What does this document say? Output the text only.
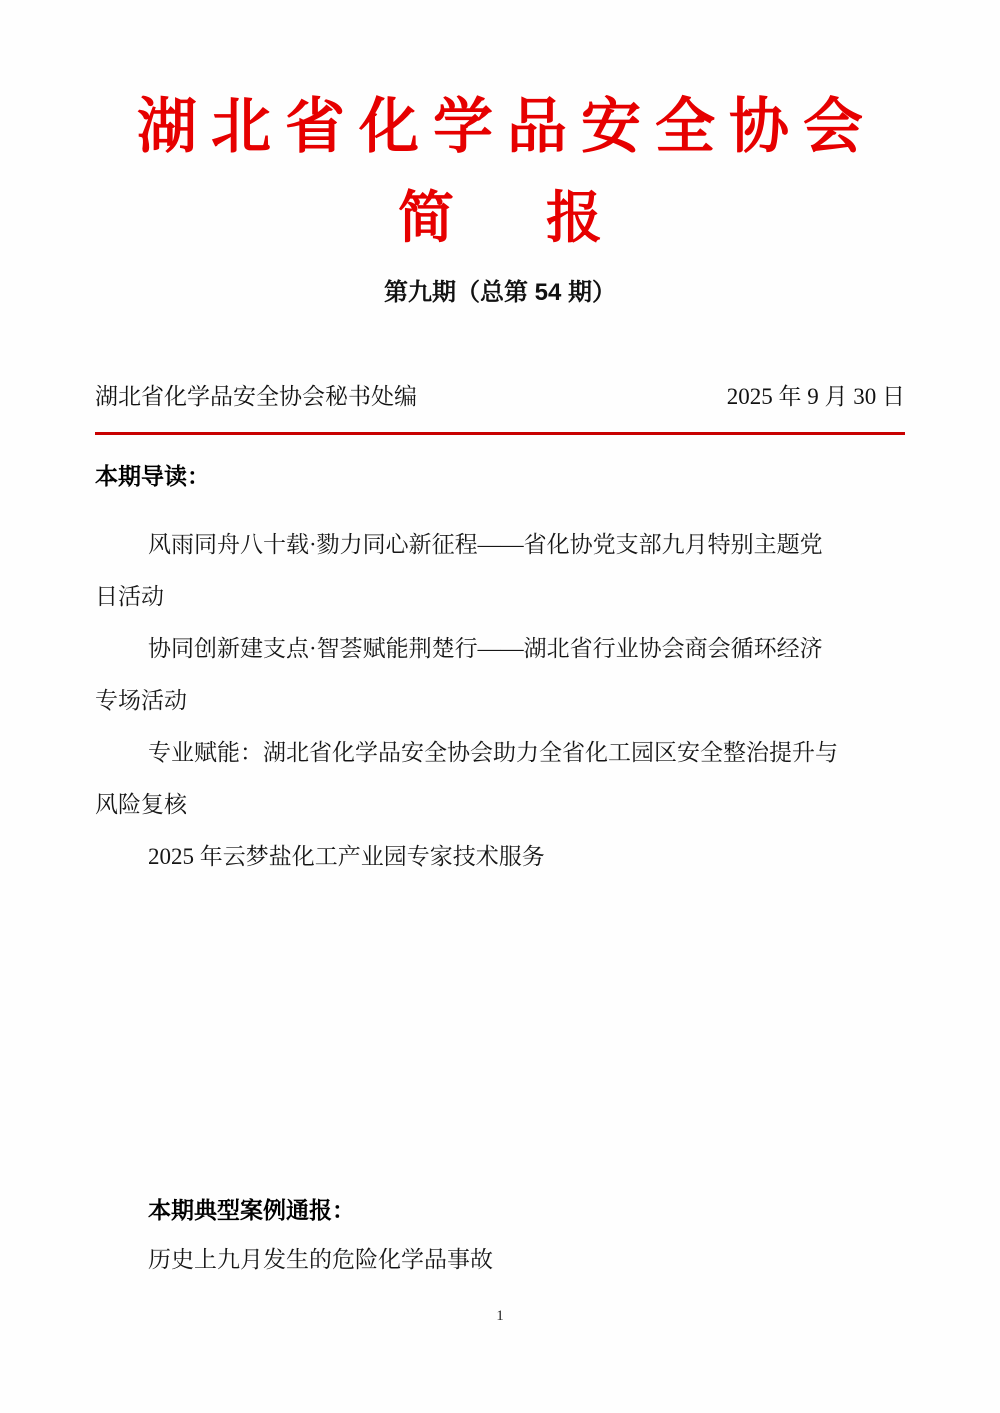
湖北省化学品安全协会
简　报
第九期（总第 54 期）
湖北省化学品安全协会秘书处编	2025 年 9 月 30 日
本期导读：
风雨同舟八十载·勠力同心新征程——省化协党支部九月特别主题党
日活动
协同创新建支点·智荟赋能荆楚行——湖北省行业协会商会循环经济
专场活动
专业赋能：湖北省化学品安全协会助力全省化工园区安全整治提升与
风险复核
2025 年云梦盐化工产业园专家技术服务
本期典型案例通报：
历史上九月发生的危险化学品事故
1
